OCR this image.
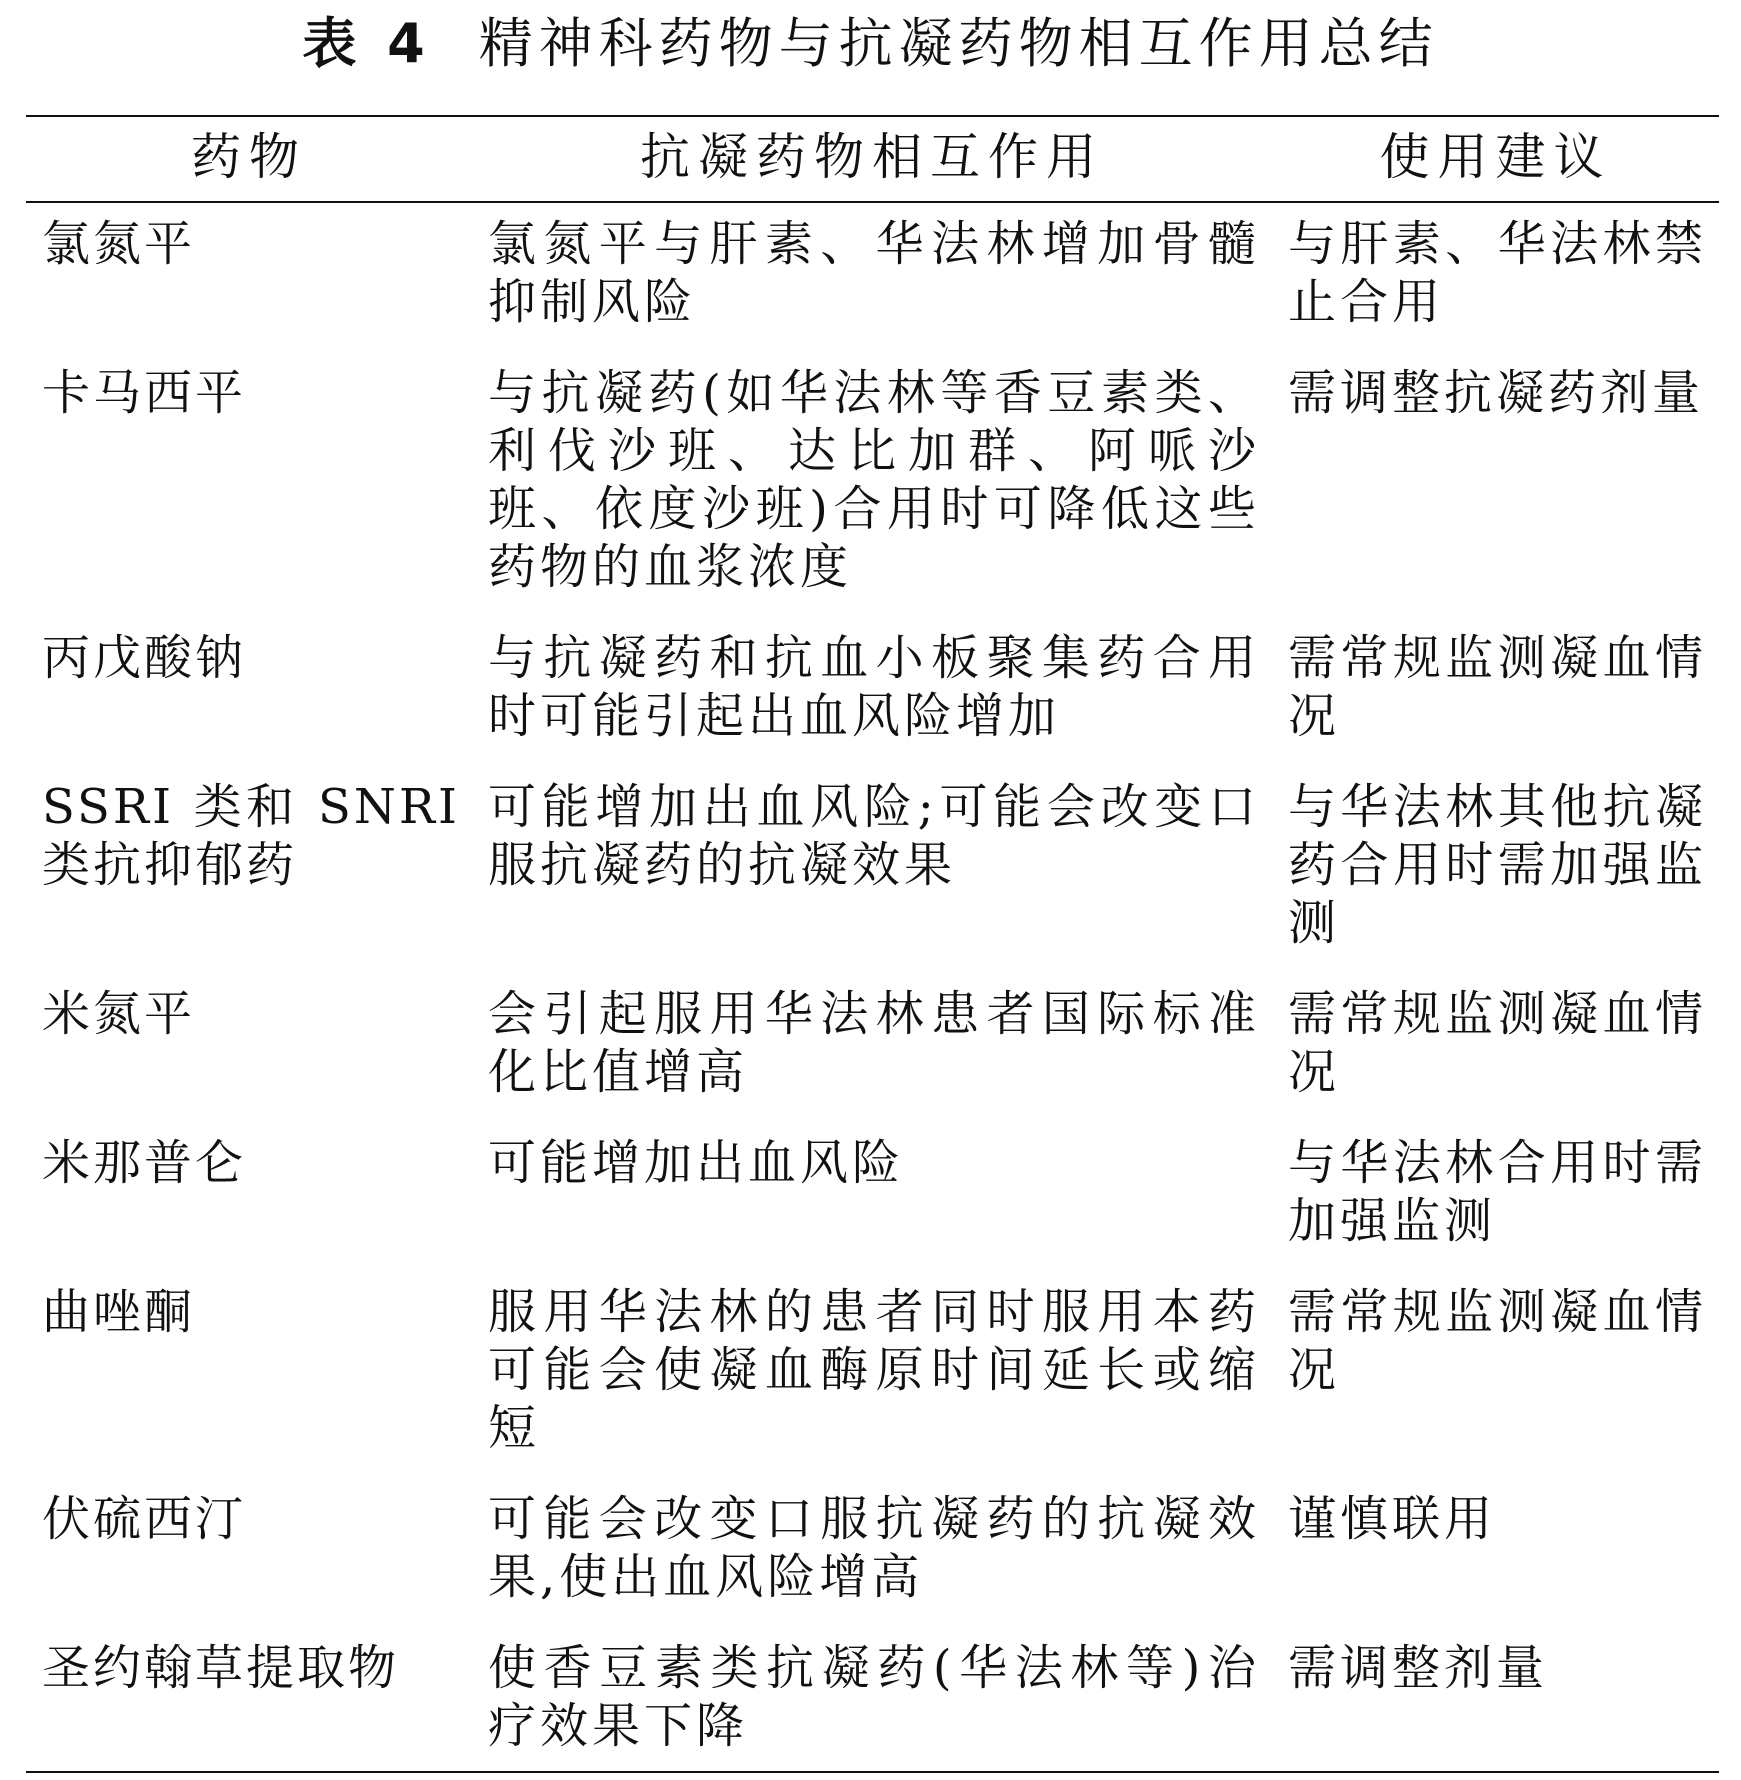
表 4 精神科药物与抗凝药物相互作用总结
药物	抗凝药物相互作用	使用建议
氯氮平	氯氮平与肝素、华法林增加骨髓抑制风险	与肝素、华法林禁止合用
卡马西平	与抗凝药(如华法林等香豆素类、利伐沙班、达比加群、阿哌沙班、依度沙班)合用时可降低这些药物的血浆浓度	需调整抗凝药剂量
丙戊酸钠	与抗凝药和抗血小板聚集药合用时可能引起出血风险增加	需常规监测凝血情况
SSRI 类和 SNRI 类抗抑郁药	可能增加出血风险;可能会改变口服抗凝药的抗凝效果	与华法林其他抗凝药合用时需加强监测
米氮平	会引起服用华法林患者国际标准化比值增高	需常规监测凝血情况
米那普仑	可能增加出血风险	与华法林合用时需加强监测
曲唑酮	服用华法林的患者同时服用本药可能会使凝血酶原时间延长或缩短	需常规监测凝血情况
伏硫西汀	可能会改变口服抗凝药的抗凝效果,使出血风险增高	谨慎联用
圣约翰草提取物	使香豆素类抗凝药(华法林等)治疗效果下降	需调整剂量
